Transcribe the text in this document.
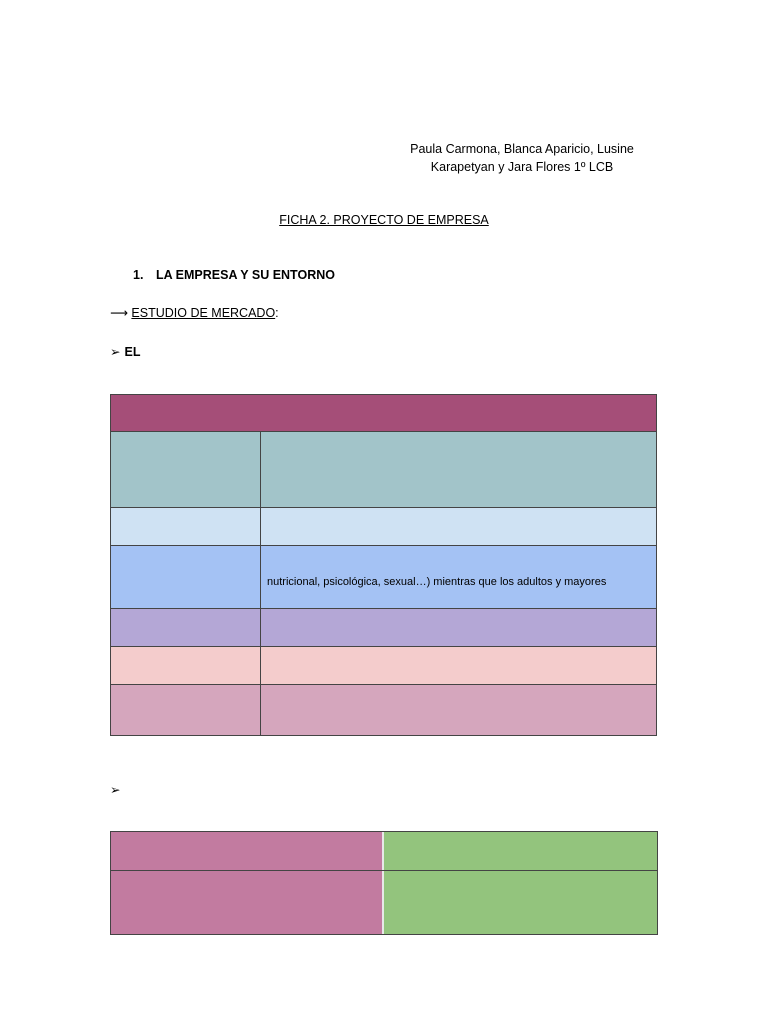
Paula Carmona, Blanca Aparicio, Lusine
Karapetyan y Jara Flores 1º LCB
FICHA 2. PROYECTO DE EMPRESA
1. LA EMPRESA Y SU ENTORNO
⟶ ESTUDIO DE MERCADO:
➢ EL
nutricional, psicológica, sexual…) mientras que los adultos y mayores
➢
